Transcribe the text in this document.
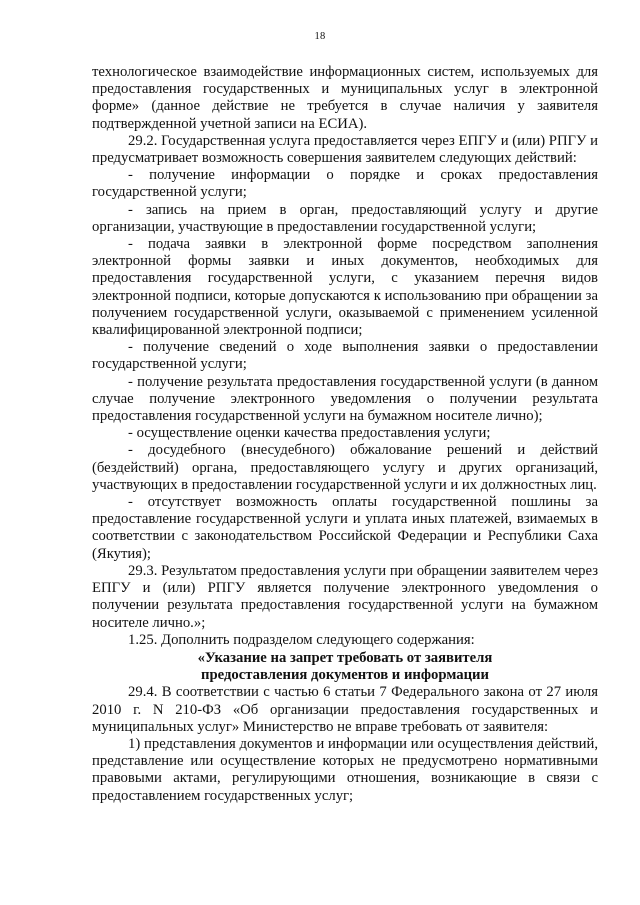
18

технологическое взаимодействие информационных систем, используемых для предоставления государственных и муниципальных услуг в электронной форме» (данное действие не требуется в случае наличия у заявителя подтвержденной учетной записи на ЕСИА).

29.2. Государственная услуга предоставляется через ЕПГУ и (или) РПГУ и предусматривает возможность совершения заявителем следующих действий:

- получение информации о порядке и сроках предоставления государственной услуги;

- запись на прием в орган, предоставляющий услугу и другие организации, участвующие в предоставлении государственной услуги;

- подача заявки в электронной форме посредством заполнения электронной формы заявки и иных документов, необходимых для предоставления государственной услуги, с указанием перечня видов электронной подписи, которые допускаются к использованию при обращении за получением государственной услуги, оказываемой с применением усиленной квалифицированной электронной подписи;

- получение сведений о ходе выполнения заявки о предоставлении государственной услуги;

- получение результата предоставления государственной услуги (в данном случае получение электронного уведомления о получении результата предоставления государственной услуги на бумажном носителе лично);

- осуществление оценки качества предоставления услуги;

- досудебного (внесудебного) обжалование решений и действий (бездействий) органа, предоставляющего услугу и других организаций, участвующих в предоставлении государственной услуги и их должностных лиц.

- отсутствует возможность оплаты государственной пошлины за предоставление государственной услуги и уплата иных платежей, взимаемых в соответствии с законодательством Российской Федерации и Республики Саха (Якутия);

29.3. Результатом предоставления услуги при обращении заявителем через ЕПГУ и (или) РПГУ является получение электронного уведомления о получении результата предоставления государственной услуги на бумажном носителе лично.»;

1.25. Дополнить подразделом следующего содержания:

«Указание на запрет требовать от заявителя
предоставления документов и информации

29.4. В соответствии с частью 6 статьи 7 Федерального закона от 27 июля 2010 г. N 210-ФЗ «Об организации предоставления государственных и муниципальных услуг» Министерство не вправе требовать от заявителя:

1) представления документов и информации или осуществления действий, представление или осуществление которых не предусмотрено нормативными правовыми актами, регулирующими отношения, возникающие в связи с предоставлением государственных услуг;
